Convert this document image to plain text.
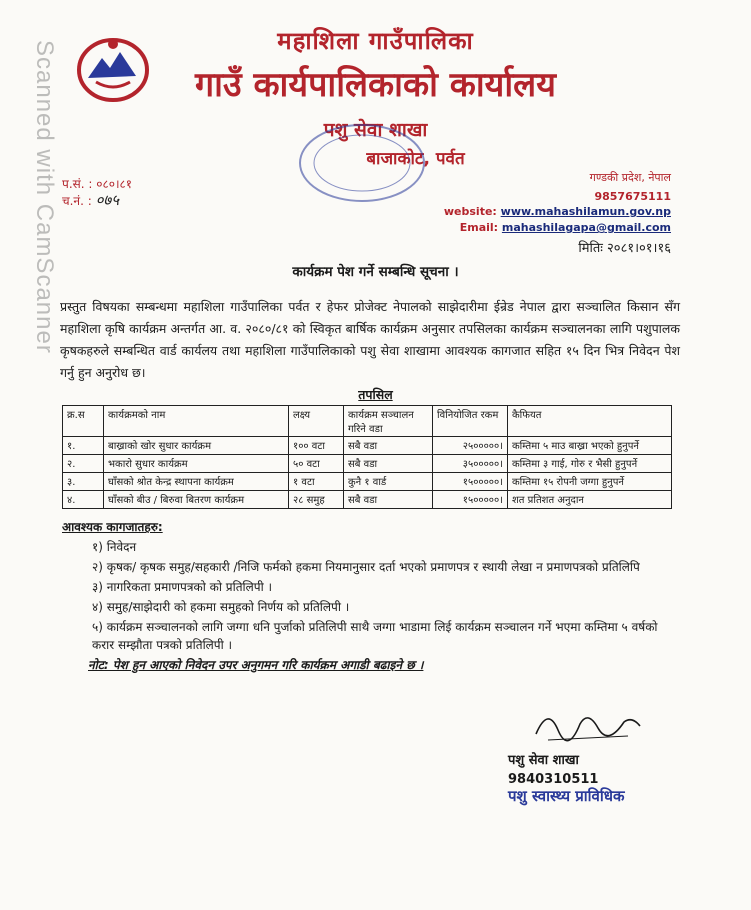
महाशिला गाउँपालिका
गाउँ कार्यपालिकाको कार्यालय
पशु सेवा शाखा
बाजाकोट, पर्वत
प.सं. : ०८०।८१
च.नं. : ०७५
गण्डकी प्रदेश, नेपाल
9857675111
website: www.mahashilamun.gov.np
Email: mahashilagapa@gmail.com
मितिः २०८१।०१।१६
कार्यक्रम पेश गर्ने सम्बन्धि सूचना ।
प्रस्तुत विषयका सम्बन्धमा महाशिला गाउँपालिका पर्वत र हेफर प्रोजेक्ट नेपालको साझेदारीमा ईन्रेड नेपाल द्वारा सञ्चालित किसान सँग महाशिला कृषि कार्यक्रम अन्तर्गत आ. व. २०८०/८१ को स्विकृत बार्षिक कार्यक्रम अनुसार तपसिलका कार्यक्रम सञ्चालनका लागि पशुपालक कृषकहरुले सम्बन्धित वार्ड कार्यलय तथा महाशिला गाउँपालिकाको पशु सेवा शाखामा आवश्यक कागजात सहित १५ दिन भित्र निवेदन पेश गर्नु हुन अनुरोध छ।
तपसिल
क्र.स	कार्यक्रमको नाम	लक्ष्य	कार्यक्रम सञ्चालन गरिने वडा	विनियोजित रकम	कैफियत
१.	बाख्राको खोर सुधार कार्यक्रम	१०० वटा	सबै वडा	२५०००००।	कम्तिमा ५ माउ बाख्रा भएको हुनुपर्ने
२.	भकारो सुधार कार्यक्रम	५० वटा	सबै वडा	३५०००००।	कम्तिमा ३ गाई, गोरु र भैसी हुनुपर्ने
३.	घाँसको श्रोत केन्द्र स्थापना कार्यक्रम	१ वटा	कुनै १ वार्ड	१५०००००।	कम्तिमा १५ रोपनी जग्गा हुनुपर्ने
४.	घाँसको बीउ / बिरुवा बितरण कार्यक्रम	२८ समुह	सबै वडा	१५०००००।	शत प्रतिशत अनुदान
आवश्यक कागजातहरु:
१) निवेदन
२) कृषक/ कृषक समुह/सहकारी /निजि फर्मको हकमा नियमानुसार दर्ता भएको प्रमाणपत्र र स्थायी लेखा न प्रमाणपत्रको प्रतिलिपि
३) नागरिकता प्रमाणपत्रको को प्रतिलिपी ।
४) समुह/साझेदारी को हकमा समुहको निर्णय को प्रतिलिपी ।
५) कार्यक्रम सञ्चालनको लागि जग्गा धनि पुर्जाको प्रतिलिपी साथै जग्गा भाडामा लिई कार्यक्रम सञ्चालन गर्ने भएमा कम्तिमा ५ वर्षको करार सम्झौता पत्रको प्रतिलिपी ।
नोट: पेश हुन आएको निवेदन उपर अनुगमन गरि कार्यक्रम अगाडी बढाइने छ ।
पशु सेवा शाखा
9840310511
पशु स्वास्थ्य प्राविधिक
Scanned with CamScanner
